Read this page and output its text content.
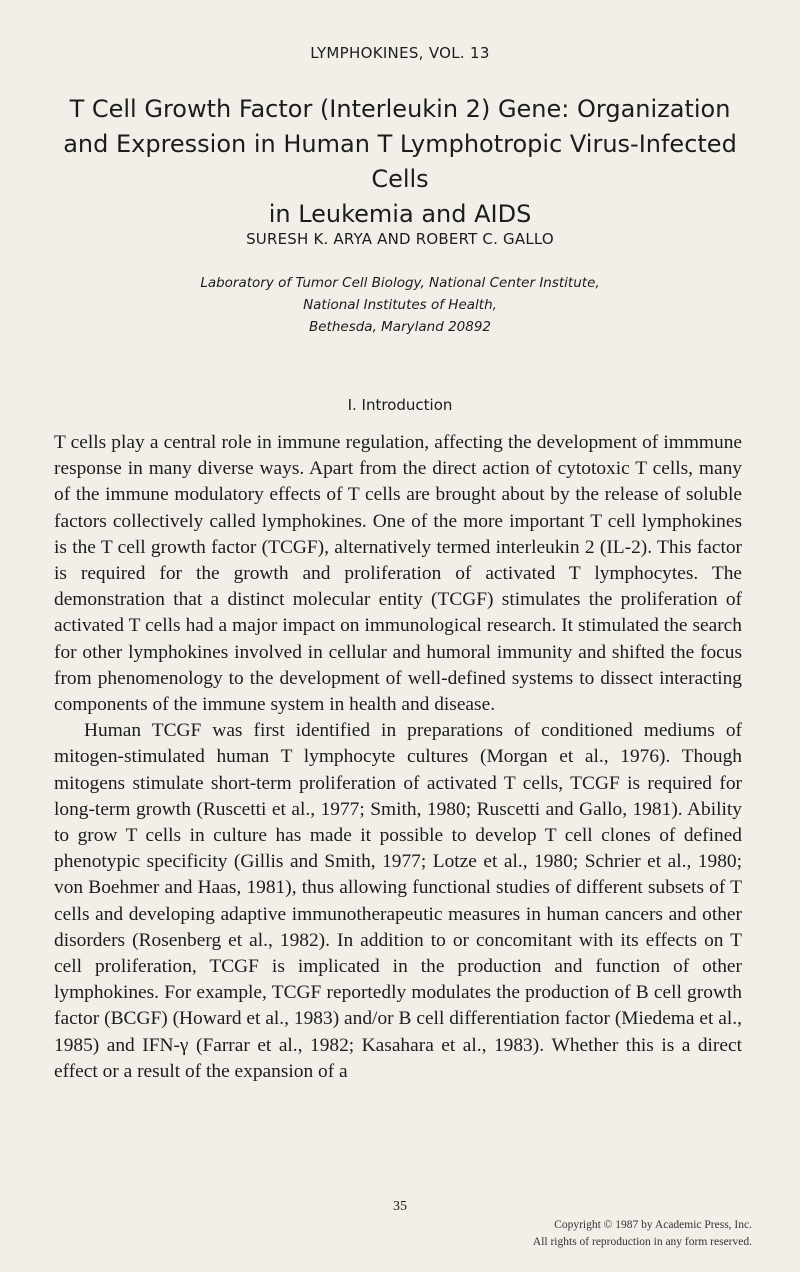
LYMPHOKINES, VOL. 13
T Cell Growth Factor (Interleukin 2) Gene: Organization
and Expression in Human T Lymphotropic Virus-Infected Cells
in Leukemia and AIDS
SURESH K. ARYA AND ROBERT C. GALLO
Laboratory of Tumor Cell Biology, National Center Institute,
National Institutes of Health,
Bethesda, Maryland 20892
I. Introduction

T cells play a central role in immune regulation, affecting the development of immmune response in many diverse ways. Apart from the direct action of cytotoxic T cells, many of the immune modulatory effects of T cells are brought about by the release of soluble factors collectively called lymphokines. One of the more important T cell lymphokines is the T cell growth factor (TCGF), alternatively termed interleukin 2 (IL-2). This factor is required for the growth and proliferation of activated T lymphocytes. The demonstration that a distinct molecular entity (TCGF) stimulates the proliferation of activated T cells had a major impact on immunological research. It stimulated the search for other lymphokines involved in cellular and humoral immunity and shifted the focus from phenomenology to the development of well-defined systems to dissect interacting components of the immune system in health and disease.

Human TCGF was first identified in preparations of conditioned mediums of mitogen-stimulated human T lymphocyte cultures (Morgan et al., 1976). Though mitogens stimulate short-term proliferation of activated T cells, TCGF is required for long-term growth (Ruscetti et al., 1977; Smith, 1980; Ruscetti and Gallo, 1981). Ability to grow T cells in culture has made it possible to develop T cell clones of defined phenotypic specificity (Gillis and Smith, 1977; Lotze et al., 1980; Schrier et al., 1980; von Boehmer and Haas, 1981), thus allowing functional studies of different subsets of T cells and developing adaptive immunotherapeutic measures in human cancers and other disorders (Rosenberg et al., 1982). In addition to or concomitant with its effects on T cell proliferation, TCGF is implicated in the production and function of other lymphokines. For example, TCGF reportedly modulates the production of B cell growth factor (BCGF) (Howard et al., 1983) and/or B cell differentiation factor (Miedema et al., 1985) and IFN-γ (Farrar et al., 1982; Kasahara et al., 1983). Whether this is a direct effect or a result of the expansion of a

35
Copyright © 1987 by Academic Press, Inc.
All rights of reproduction in any form reserved.
